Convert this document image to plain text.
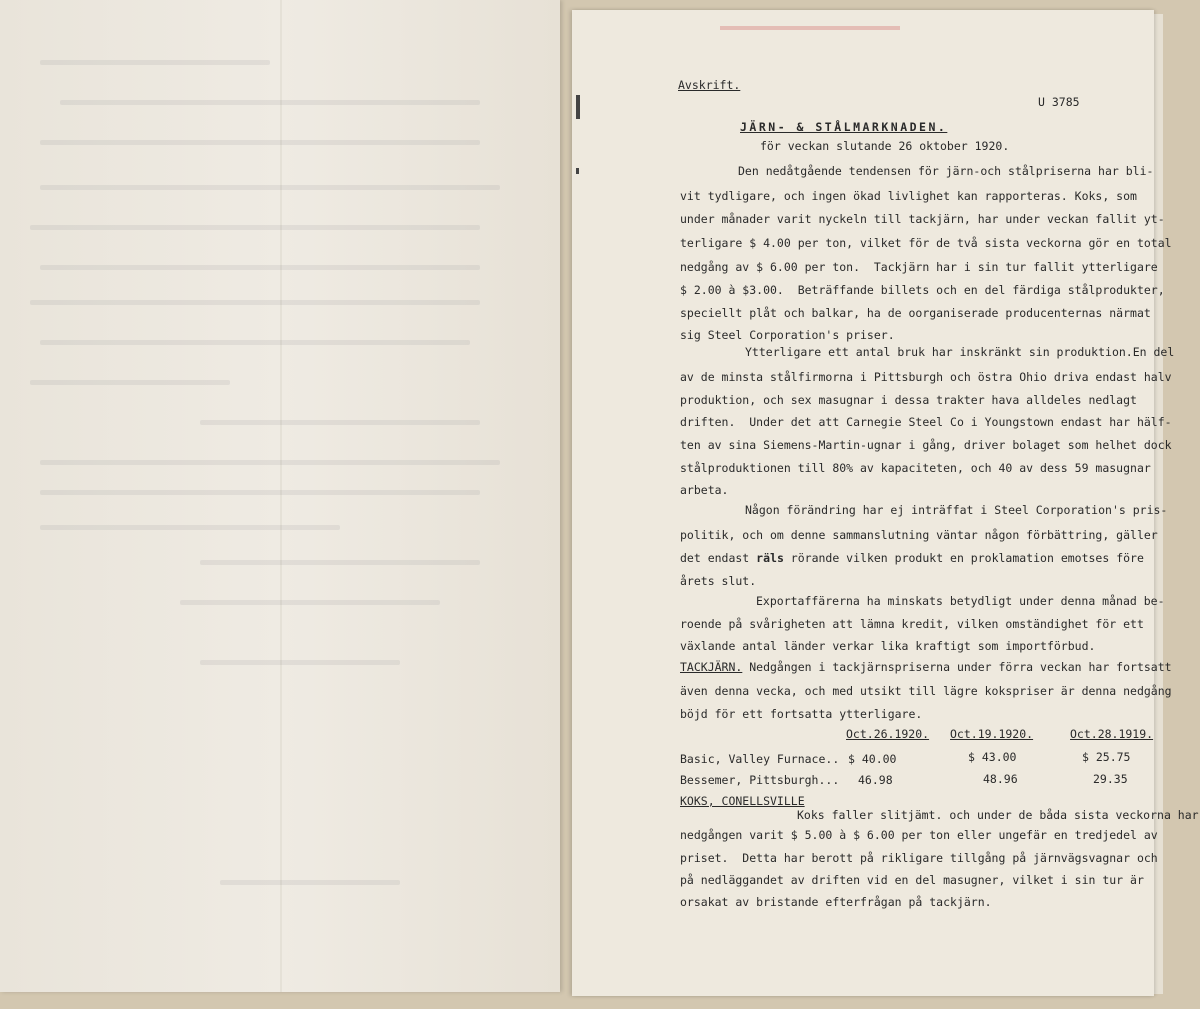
Avskrift.
U 3785
JÄRN- & STÅLMARKNADEN.
för veckan slutande 26 oktober 1920.
Den nedåtgående tendensen för järn-och stålpriserna har bli-
vit tydligare, och ingen ökad livlighet kan rapporteras. Koks, som
under månader varit nyckeln till tackjärn, har under veckan fallit yt-
terligare $ 4.00 per ton, vilket för de två sista veckorna gör en total
nedgång av $ 6.00 per ton.  Tackjärn har i sin tur fallit ytterligare
$ 2.00 à $3.00.  Beträffande billets och en del färdiga stålprodukter,
speciellt plåt och balkar, ha de oorganiserade producenternas närmat
sig Steel Corporation's priser.
Ytterligare ett antal bruk har inskränkt sin produktion.En del
av de minsta stålfirmorna i Pittsburgh och östra Ohio driva endast halv
produktion, och sex masugnar i dessa trakter hava alldeles nedlagt
driften.  Under det att Carnegie Steel Co i Youngstown endast har hälf-
ten av sina Siemens-Martin-ugnar i gång, driver bolaget som helhet dock
stålproduktionen till 80% av kapaciteten, och 40 av dess 59 masugnar
arbeta.
Någon förändring har ej inträffat i Steel Corporation's pris-
politik, och om denne sammanslutning väntar någon förbättring, gäller
det endast räls rörande vilken produkt en proklamation emotses före
årets slut.
Exportaffärerna ha minskats betydligt under denna månad be-
roende på svårigheten att lämna kredit, vilken omständighet för ett
växlande antal länder verkar lika kraftigt som importförbud.
TACKJÄRN. Nedgången i tackjärnspriserna under förra veckan har fortsatt
även denna vecka, och med utsikt till lägre kokspriser är denna nedgång
böjd för ett fortsatta ytterligare.
Oct.26.1920. Oct.19.1920.	Oct.28.1919.
Basic, Valley Furnace.. $ 40.00	$ 43.00	$ 25.75
Bessemer, Pittsburgh... 46.98	48.96	29.35
KOKS, CONELLSVILLE
Koks faller slitjämt. och under de båda sista veckorna har
nedgången varit $ 5.00 à $ 6.00 per ton eller ungefär en tredjedel av
priset.  Detta har berott på rikligare tillgång på järnvägsvagnar och
på nedläggandet av driften vid en del masugner, vilket i sin tur är
orsakat av bristande efterfrågan på tackjärn.
